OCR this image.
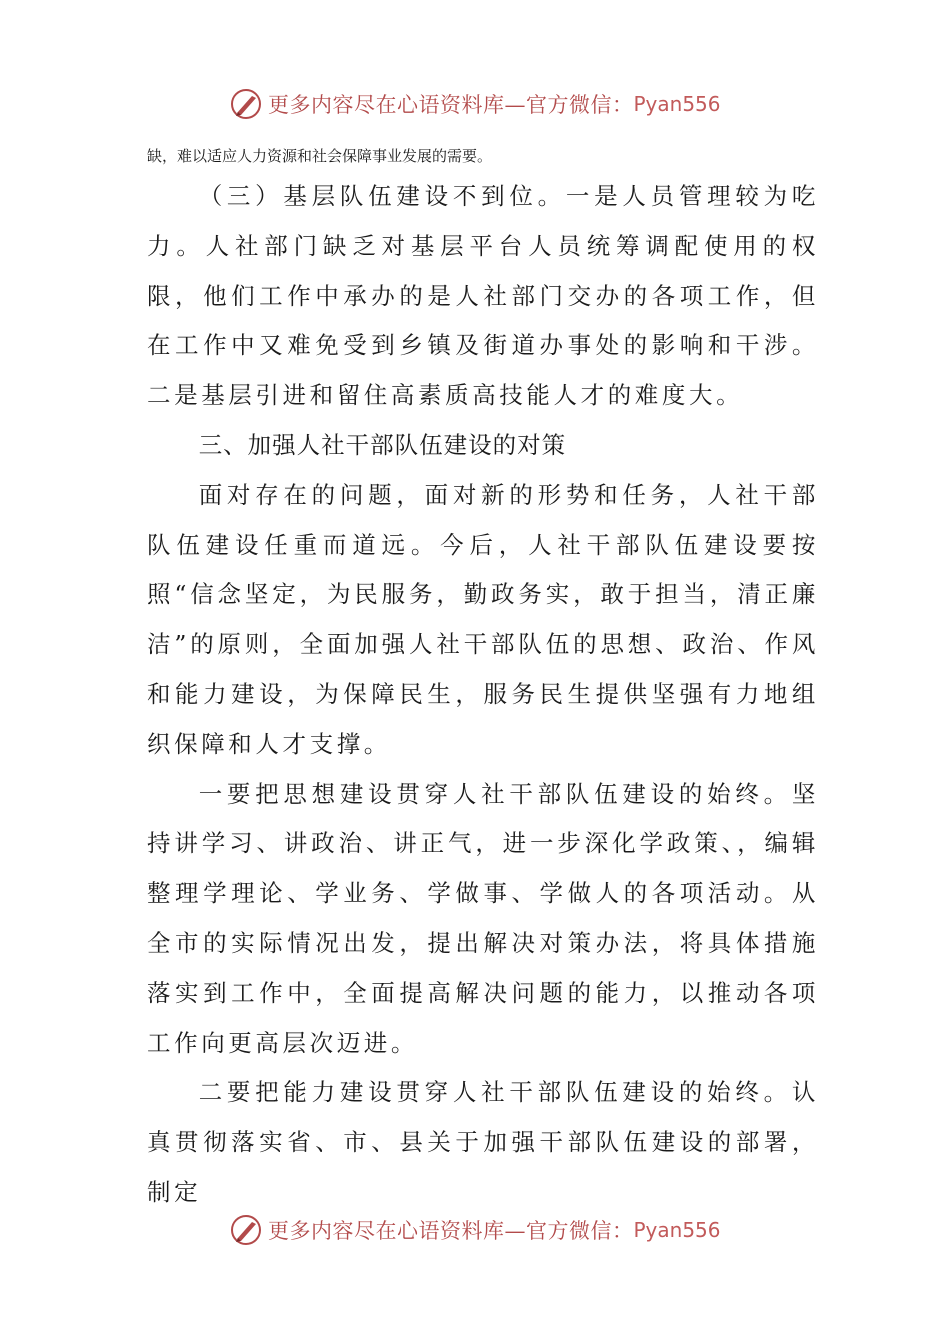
更多内容尽在心语资料库—官方微信： Pyan556
缺，难以适应人力资源和社会保障事业发展的需要。

（三）基层队伍建设不到位。一是人员管理较为吃力。人社部门缺乏对基层平台人员统筹调配使用的权限，他们工作中承办的是人社部门交办的各项工作，但在工作中又难免受到乡镇及街道办事处的影响和干涉。二是基层引进和留住高素质高技能人才的难度大。

三、加强人社干部队伍建设的对策

面对存在的问题，面对新的形势和任务，人社干部队伍建设任重而道远。今后，人社干部队伍建设要按照“信念坚定，为民服务，勤政务实，敢于担当，清正廉洁”的原则，全面加强人社干部队伍的思想、政治、作风和能力建设，为保障民生，服务民生提供坚强有力地组织保障和人才支撑。

一要把思想建设贯穿人社干部队伍建设的始终。坚持讲学习、讲政治、讲正气，进一步深化学政策、，编辑整理学理论、学业务、学做事、学做人的各项活动。从全市的实际情况出发，提出解决对策办法，将具体措施落实到工作中，全面提高解决问题的能力，以推动各项工作向更高层次迈进。

二要把能力建设贯穿人社干部队伍建设的始终。认真贯彻落实省、市、县关于加强干部队伍建设的部署，制定

更多内容尽在心语资料库—官方微信： Pyan556
